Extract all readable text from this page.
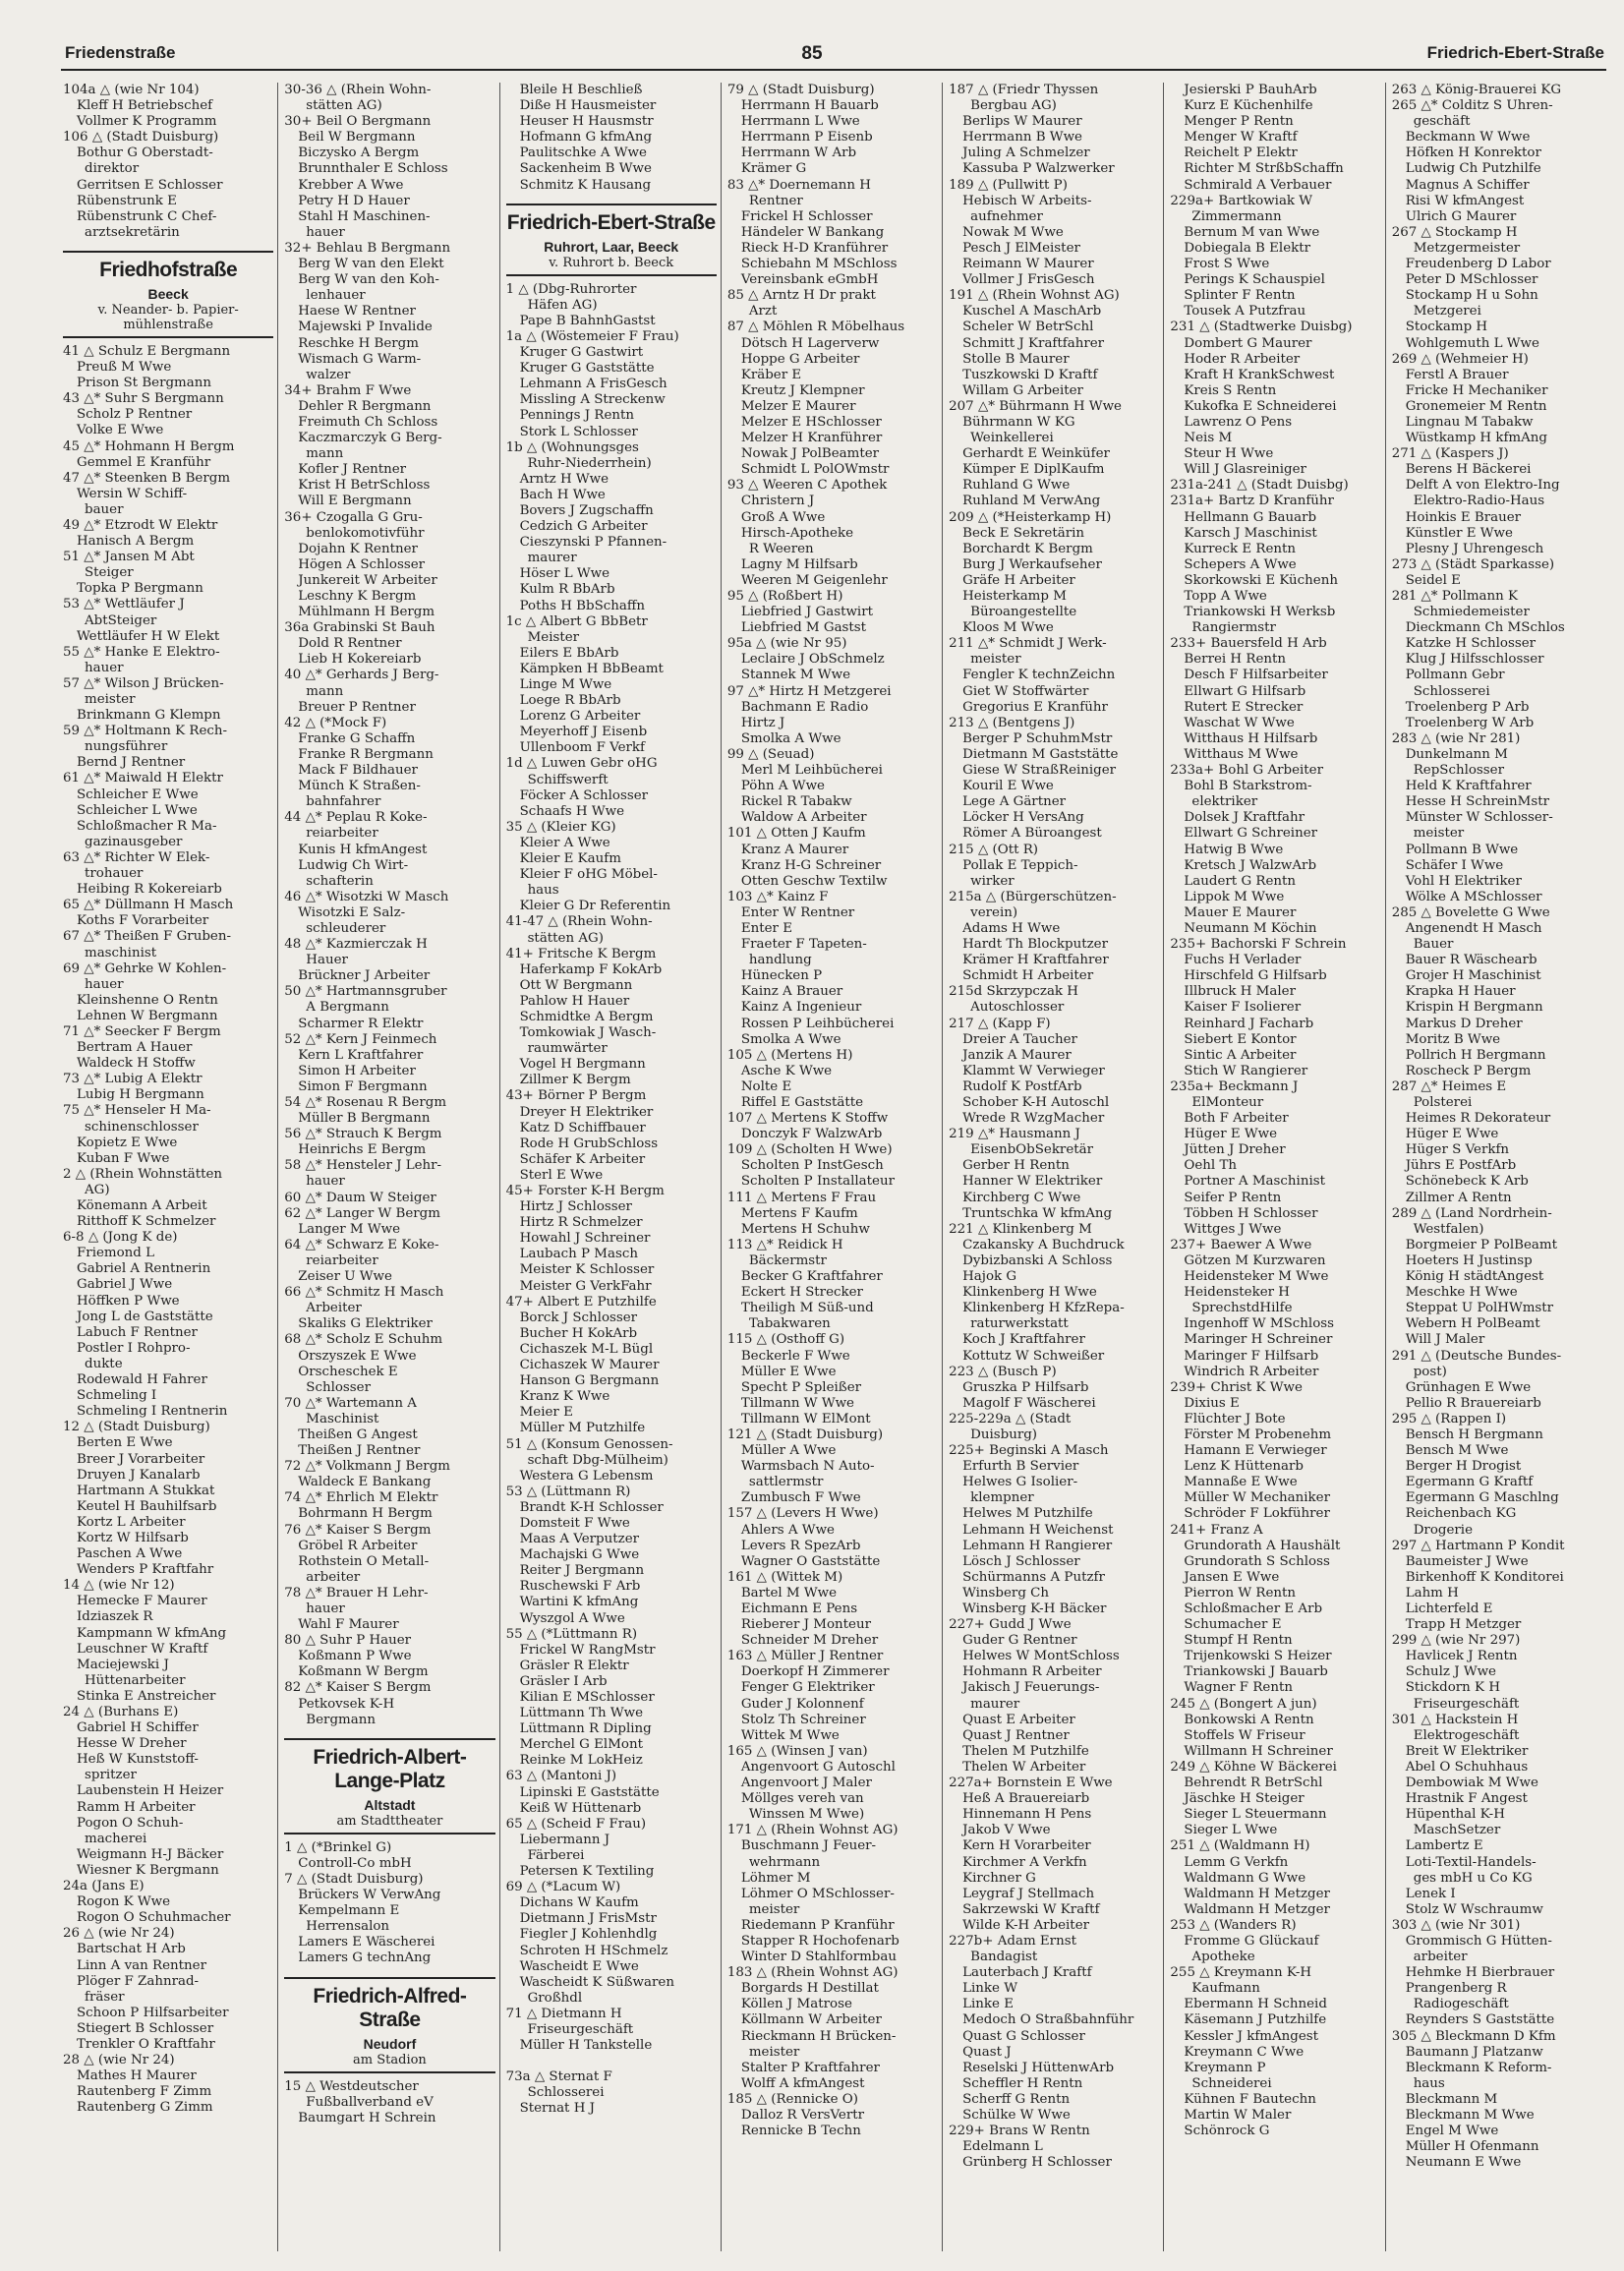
Friedenstraße	85	Friedrich-Ebert-Straße
104a △ (wie Nr 104)
Kleff H Betriebschef
Vollmer K Programm
106 △ (Stadt Duisburg)
Bothur G Oberstadt-
direktor
Gerritsen E Schlosser
Rübenstrunk E
Rübenstrunk C Chef-
arztsekretärin
Friedhofstraße
Beeck
v. Neander- b. Papier-mühlenstraße
41 △ Schulz E Bergmann
Preuß M Wwe
Prison St Bergmann
43 △* Suhr S Bergmann
Scholz P Rentner
Volke E Wwe
45 △* Hohmann H Bergm
Gemmel E Kranführ
47 △* Steenken B Bergm
Wersin W Schiff-
bauer
49 △* Etzrodt W Elektr
Hanisch A Bergm
51 △* Jansen M Abt
Steiger
Topka P Bergmann
53 △* Wettläufer J
AbtSteiger
Wettläufer H W Elekt
55 △* Hanke E Elektro-
hauer
57 △* Wilson J Brücken-
meister
Brinkmann G Klempn
59 △* Holtmann K Rech-
nungsführer
Bernd J Rentner
61 △* Maiwald H Elektr
Schleicher E Wwe
Schleicher L Wwe
Schloßmacher R Ma-
gazinausgeber
63 △* Richter W Elek-
trohauer
Heibing R Kokereiarb
65 △* Düllmann H Masch
Koths F Vorarbeiter
67 △* Theißen F Gruben-
maschinist
69 △* Gehrke W Kohlen-
hauer
Kleinshenne O Rentn
Lehnen W Bergmann
71 △* Seecker F Bergm
Bertram A Hauer
Waldeck H Stoffw
73 △* Lubig A Elektr
Lubig H Bergmann
75 △* Henseler H Ma-
schinenschlosser
Kopietz E Wwe
Kuban F Wwe
2 △ (Rhein Wohnstätten
AG)
Könemann A Arbeit
Ritthoff K Schmelzer
6-8 △ (Jong K de)
Friemond L
Gabriel A Rentnerin
Gabriel J Wwe
Höffken P Wwe
Jong L de Gaststätte
Labuch F Rentner
Postler I Rohpro-
dukte
Rodewald H Fahrer
Schmeling I
Schmeling I Rentnerin
12 △ (Stadt Duisburg)
Berten E Wwe
Breer J Vorarbeiter
Druyen J Kanalarb
Hartmann A Stukkat
Keutel H Bauhilfsarb
Kortz L Arbeiter
Kortz W Hilfsarb
Paschen A Wwe
Wenders P Kraftfahr
14 △ (wie Nr 12)
Hemecke F Maurer
Idziaszek R
Kampmann W kfmAng
Leuschner W Kraftf
Maciejewski J
Hüttenarbeiter
Stinka E Anstreicher
24 △ (Burhans E)
Gabriel H Schiffer
Hesse W Dreher
Heß W Kunststoff-
spritzer
Laubenstein H Heizer
Ramm H Arbeiter
Pogon O Schuh-
macherei
Weigmann H-J Bäcker
Wiesner K Bergmann
24a (Jans E)
Rogon K Wwe
Rogon O Schuhmacher
26 △ (wie Nr 24)
Bartschat H Arb
Linn A van Rentner
Plöger F Zahnrad-
fräser
Schoon P Hilfsarbeiter
Stiegert B Schlosser
Trenkler O Kraftfahr
28 △ (wie Nr 24)
Mathes H Maurer
Rautenberg F Zimm
Rautenberg G Zimm
30-36 △ (Rhein Wohn-
stätten AG)
30+ Beil O Bergmann
Beil W Bergmann
Biczysko A Bergm
Brunnthaler E Schloss
Krebber A Wwe
Petry H D Hauer
Stahl H Maschinen-
hauer
32+ Behlau B Bergmann
Berg W van den Elekt
Berg W van den Koh-
lenhauer
Haese W Rentner
Majewski P Invalide
Reschke H Bergm
Wismach G Warm-
walzer
34+ Brahm F Wwe
Dehler R Bergmann
Freimuth Ch Schloss
Kaczmarczyk G Berg-
mann
Kofler J Rentner
Krist H BetrSchloss
Will E Bergmann
36+ Czogalla G Gru-
benlokomotivführ
Dojahn K Rentner
Högen A Schlosser
Junkereit W Arbeiter
Leschny K Bergm
Mühlmann H Bergm
36a Grabinski St Bauh
Dold R Rentner
Lieb H Kokereiarb
40 △* Gerhards J Berg-
mann
Breuer P Rentner
42 △ (*Mock F)
Franke G Schaffn
Franke R Bergmann
Mack F Bildhauer
Münch K Straßen-
bahnfahrer
44 △* Peplau R Koke-
reiarbeiter
Kunis H kfmAngest
Ludwig Ch Wirt-
schafterin
46 △* Wisotzki W Masch
Wisotzki E Salz-
schleuderer
48 △* Kazmierczak H
Hauer
Brückner J Arbeiter
50 △* Hartmannsgruber
A Bergmann
Scharmer R Elektr
52 △* Kern J Feinmech
Kern L Kraftfahrer
Simon H Arbeiter
Simon F Bergmann
54 △* Rosenau R Bergm
Müller B Bergmann
56 △* Strauch K Bergm
Heinrichs E Bergm
58 △* Hensteler J Lehr-
hauer
60 △* Daum W Steiger
62 △* Langer W Bergm
Langer M Wwe
64 △* Schwarz E Koke-
reiarbeiter
Zeiser U Wwe
66 △* Schmitz H Masch
Arbeiter
Skaliks G Elektriker
68 △* Scholz E Schuhm
Orszyszek E Wwe
Orscheschek E
Schlosser
70 △* Wartemann A
Maschinist
Theißen G Angest
Theißen J Rentner
72 △* Volkmann J Bergm
Waldeck E Bankang
74 △* Ehrlich M Elektr
Bohrmann H Bergm
76 △* Kaiser S Bergm
Gröbel R Arbeiter
Rothstein O Metall-
arbeiter
78 △* Brauer H Lehr-
hauer
Wahl F Maurer
80 △ Suhr P Hauer
Koßmann P Wwe
Koßmann W Bergm
82 △* Kaiser S Bergm
Petkovsek K-H
Bergmann
Friedrich-Albert-Lange-Platz
Altstadt
am Stadttheater
1 △ (*Brinkel G)
Controll-Co mbH
7 △ (Stadt Duisburg)
Brückers W VerwAng
Kempelmann E
Herrensalon
Lamers E Wäscherei
Lamers G technAng
Friedrich-Alfred-Straße
Neudorf
am Stadion
15 △ Westdeutscher
Fußballverband eV
Baumgart H Schrein
Bleile H Beschließ
Diße H Hausmeister
Heuser H Hausmstr
Hofmann G kfmAng
Paulitschke A Wwe
Sackenheim B Wwe
Schmitz K Hausang
Friedrich-Ebert-Straße
Ruhrort, Laar, Beeck
v. Ruhrort b. Beeck
1 △ (Dbg-Ruhrorter
Häfen AG)
Pape B BahnhGastst
1a △ (Wöstemeier F Frau)
Kruger G Gastwirt
Kruger G Gaststätte
Lehmann A FrisGesch
Missling A Streckenw
Pennings J Rentn
Stork L Schlosser
1b △ (Wohnungsges
Ruhr-Niederrhein)
Arntz H Wwe
Bach H Wwe
Bovers J Zugschaffn
Cedzich G Arbeiter
Cieszynski P Pfannen-
maurer
Höser L Wwe
Kulm R BbArb
Poths H BbSchaffn
1c △ Albert G BbBetr
Meister
Eilers E BbArb
Kämpken H BbBeamt
Linge M Wwe
Loege R BbArb
Lorenz G Arbeiter
Meyerhoff J Eisenb
Ullenboom F Verkf
1d △ Luwen Gebr oHG
Schiffswerft
Föcker A Schlosser
Schaafs H Wwe
35 △ (Kleier KG)
Kleier A Wwe
Kleier E Kaufm
Kleier F oHG Möbel-
haus
Kleier G Dr Referentin
41-47 △ (Rhein Wohn-
stätten AG)
41+ Fritsche K Bergm
Haferkamp F KokArb
Ott W Bergmann
Pahlow H Hauer
Schmidtke A Bergm
Tomkowiak J Wasch-
raumwärter
Vogel H Bergmann
Zillmer K Bergm
43+ Börner P Bergm
Dreyer H Elektriker
Katz D Schiffbauer
Rode H GrubSchloss
Schäfer K Arbeiter
Sterl E Wwe
45+ Forster K-H Bergm
Hirtz J Schlosser
Hirtz R Schmelzer
Howahl J Schreiner
Laubach P Masch
Meister K Schlosser
Meister G VerkFahr
47+ Albert E Putzhilfe
Borck J Schlosser
Bucher H KokArb
Cichaszek M-L Bügl
Cichaszek W Maurer
Hanson G Bergmann
Kranz K Wwe
Meier E
Müller M Putzhilfe
51 △ (Konsum Genossen-
schaft Dbg-Mülheim)
Westera G Lebensm
53 △ (Lüttmann R)
Brandt K-H Schlosser
Domsteit F Wwe
Maas A Verputzer
Machajski G Wwe
Reiter J Bergmann
Ruschewski F Arb
Wartini K kfmAng
Wyszgol A Wwe
55 △ (*Lüttmann R)
Frickel W RangMstr
Gräsler R Elektr
Gräsler I Arb
Kilian E MSchlosser
Lüttmann Th Wwe
Lüttmann R Dipling
Merchel G ElMont
Reinke M LokHeiz
63 △ (Mantoni J)
Lipinski E Gaststätte
Keiß W Hüttenarb
65 △ (Scheid F Frau)
Liebermann J
Färberei
Petersen K Textiling
69 △ (*Lacum W)
Dichans W Kaufm
Dietmann J FrisMstr
Fiegler J Kohlenhdlg
Schroten H HSchmelz
Wascheidt E Wwe
Wascheidt K Süßwaren
Großhdl
71 △ Dietmann H
Friseurgeschäft
Müller H Tankstelle

73a △ Sternat F
Schlosserei
Sternat H J
79 △ (Stadt Duisburg)
Herrmann H Bauarb
Herrmann L Wwe
Herrmann P Eisenb
Herrmann W Arb
Krämer G
83 △* Doernemann H
Rentner
Frickel H Schlosser
Händeler W Bankang
Rieck H-D Kranführer
Schiebahn M MSchloss
Vereinsbank eGmbH
85 △ Arntz H Dr prakt
Arzt
87 △ Möhlen R Möbelhaus
Dötsch H Lagerverw
Hoppe G Arbeiter
Kräber E
Kreutz J Klempner
Melzer E Maurer
Melzer E HSchlosser
Melzer H Kranführer
Nowak J PolBeamter
Schmidt L PolOWmstr
93 △ Weeren C Apothek
Christern J
Groß A Wwe
Hirsch-Apotheke
R Weeren
Lagny M Hilfsarb
Weeren M Geigenlehr
95 △ (Roßbert H)
Liebfried J Gastwirt
Liebfried M Gastst
95a △ (wie Nr 95)
Leclaire J ObSchmelz
Stannek M Wwe
97 △* Hirtz H Metzgerei
Bachmann E Radio
Hirtz J
Smolka A Wwe
99 △ (Seuad)
Merl M Leihbücherei
Pöhn A Wwe
Rickel R Tabakw
Waldow A Arbeiter
101 △ Otten J Kaufm
Kranz A Maurer
Kranz H-G Schreiner
Otten Geschw Textilw
103 △* Kainz F
Enter W Rentner
Enter E
Fraeter F Tapeten-
handlung
Hünecken P
Kainz A Brauer
Kainz A Ingenieur
Rossen P Leihbücherei
Smolka A Wwe
105 △ (Mertens H)
Asche K Wwe
Nolte E
Riffel E Gaststätte
107 △ Mertens K Stoffw
Donczyk F WalzwArb
109 △ (Scholten H Wwe)
Scholten P InstGesch
Scholten P Installateur
111 △ Mertens F Frau
Mertens F Kaufm
Mertens H Schuhw
113 △* Reidick H
Bäckermstr
Becker G Kraftfahrer
Eckert H Strecker
Theiligh M Süß-und
Tabakwaren
115 △ (Osthoff G)
Beckerle F Wwe
Müller E Wwe
Specht P Spleißer
Tillmann W Wwe
Tillmann W ElMont
121 △ (Stadt Duisburg)
Müller A Wwe
Warmsbach N Auto-
sattlermstr
Zumbusch F Wwe
157 △ (Levers H Wwe)
Ahlers A Wwe
Levers R SpezArb
Wagner O Gaststätte
161 △ (Wittek M)
Bartel M Wwe
Eichmann E Pens
Rieberer J Monteur
Schneider M Dreher
163 △ Müller J Rentner
Doerkopf H Zimmerer
Fenger G Elektriker
Guder J Kolonnenf
Stolz Th Schreiner
Wittek M Wwe
165 △ (Winsen J van)
Angenvoort G Autoschl
Angenvoort J Maler
Möllges vereh van
Winssen M Wwe)
171 △ (Rhein Wohnst AG)
Buschmann J Feuer-
wehrmann
Löhmer M
Löhmer O MSchlosser-
meister
Riedemann P Kranführ
Stapper R Hochofenarb
Winter D Stahlformbau
183 △ (Rhein Wohnst AG)
Borgards H Destillat
Köllen J Matrose
Köllmann W Arbeiter
Rieckmann H Brücken-
meister
Stalter P Kraftfahrer
Wolff A kfmAngest
185 △ (Rennicke O)
Dalloz R VersVertr
Rennicke B Techn
187 △ (Friedr Thyssen
Bergbau AG)
Berlips W Maurer
Herrmann B Wwe
Juling A Schmelzer
Kassuba P Walzwerker
189 △ (Pullwitt P)
Hebisch W Arbeits-
aufnehmer
Nowak M Wwe
Pesch J ElMeister
Reimann W Maurer
Vollmer J FrisGesch
191 △ (Rhein Wohnst AG)
Kuschel A MaschArb
Scheler W BetrSchl
Schmitt J Kraftfahrer
Stolle B Maurer
Tuszkowski D Kraftf
Willam G Arbeiter
207 △* Bührmann H Wwe
Bührmann W KG
Weinkellerei
Gerhardt E Weinküfer
Kümper E DiplKaufm
Ruhland G Wwe
Ruhland M VerwAng
209 △ (*Heisterkamp H)
Beck E Sekretärin
Borchardt K Bergm
Burg J Werkaufseher
Gräfe H Arbeiter
Heisterkamp M
Büroangestellte
Kloos M Wwe
211 △* Schmidt J Werk-
meister
Fengler K technZeichn
Giet W Stoffwärter
Gregorius E Kranführ
213 △ (Bentgens J)
Berger P SchuhmMstr
Dietmann M Gaststätte
Giese W StraßReiniger
Kouril E Wwe
Lege A Gärtner
Löcker H VersAng
Römer A Büroangest
215 △ (Ott R)
Pollak E Teppich-
wirker
215a △ (Bürgerschützen-
verein)
Adams H Wwe
Hardt Th Blockputzer
Krämer H Kraftfahrer
Schmidt H Arbeiter
215d Skrzypczak H
Autoschlosser
217 △ (Kapp F)
Dreier A Taucher
Janzik A Maurer
Klammt W Verwieger
Rudolf K PostfArb
Schober K-H Autoschl
Wrede R WzgMacher
219 △* Hausmann J
EisenbObSekretär
Gerber H Rentn
Hanner W Elektriker
Kirchberg C Wwe
Truntschka W kfmAng
221 △ Klinkenberg M
Czakansky A Buchdruck
Dybizbanski A Schloss
Hajok G
Klinkenberg H Wwe
Klinkenberg H KfzRepa-
raturwerkstatt
Koch J Kraftfahrer
Kottutz W Schweißer
223 △ (Busch P)
Gruszka P Hilfsarb
Magolf F Wäscherei
225-229a △ (Stadt
Duisburg)
225+ Beginski A Masch
Erfurth B Servier
Helwes G Isolier-
klempner
Helwes M Putzhilfe
Lehmann H Weichenst
Lehmann H Rangierer
Lösch J Schlosser
Schürmanns A Putzfr
Winsberg Ch
Winsberg K-H Bäcker
227+ Gudd J Wwe
Guder G Rentner
Helwes W MontSchloss
Hohmann R Arbeiter
Jakisch J Feuerungs-
maurer
Quast E Arbeiter
Quast J Rentner
Thelen M Putzhilfe
Thelen W Arbeiter
227a+ Bornstein E Wwe
Heß A Brauereiarb
Hinnemann H Pens
Jakob V Wwe
Kern H Vorarbeiter
Kirchmer A Verkfn
Kirchner G
Leygraf J Stellmach
Sakrzewski W Kraftf
Wilde K-H Arbeiter
227b+ Adam Ernst
Bandagist
Lauterbach J Kraftf
Linke W
Linke E
Medoch O Straßbahnführ
Quast G Schlosser
Quast J
Reselski J HüttenwArb
Scheffler H Rentn
Scherff G Rentn
Schülke W Wwe
229+ Brans W Rentn
Edelmann L
Grünberg H Schlosser
Jesierski P BauhArb
Kurz E Küchenhilfe
Menger P Rentn
Menger W Kraftf
Reichelt P Elektr
Richter M StrßbSchaffn
Schmirald A Verbauer
229a+ Bartkowiak W
Zimmermann
Bernum M van Wwe
Dobiegala B Elektr
Frost S Wwe
Perings K Schauspiel
Splinter F Rentn
Tousek A Putzfrau
231 △ (Stadtwerke Duisbg)
Dombert G Maurer
Hoder R Arbeiter
Kraft H KrankSchwest
Kreis S Rentn
Kukofka E Schneiderei
Lawrenz O Pens
Neis M
Steur H Wwe
Will J Glasreiniger
231a-241 △ (Stadt Duisbg)
231a+ Bartz D Kranführ
Hellmann G Bauarb
Karsch J Maschinist
Kurreck E Rentn
Schepers A Wwe
Skorkowski E Küchenh
Topp A Wwe
Triankowski H Werksb
Rangiermstr
233+ Bauersfeld H Arb
Berrei H Rentn
Desch F Hilfsarbeiter
Ellwart G Hilfsarb
Rutert E Strecker
Waschat W Wwe
Witthaus H Hilfsarb
Witthaus M Wwe
233a+ Bohl G Arbeiter
Bohl B Starkstrom-
elektriker
Dolsek J Kraftfahr
Ellwart G Schreiner
Hatwig B Wwe
Kretsch J WalzwArb
Laudert G Rentn
Lippok M Wwe
Mauer E Maurer
Neumann M Köchin
235+ Bachorski F Schrein
Fuchs H Verlader
Hirschfeld G Hilfsarb
Illbruck H Maler
Kaiser F Isolierer
Reinhard J Facharb
Siebert E Kontor
Sintic A Arbeiter
Stich W Rangierer
235a+ Beckmann J
ElMonteur
Both F Arbeiter
Hüger E Wwe
Jütten J Dreher
Oehl Th
Portner A Maschinist
Seifer P Rentn
Többen H Schlosser
Wittges J Wwe
237+ Baewer A Wwe
Götzen M Kurzwaren
Heidensteker M Wwe
Heidensteker H
SprechstdHilfe
Ingenhoff W MSchloss
Maringer H Schreiner
Maringer F Hilfsarb
Windrich R Arbeiter
239+ Christ K Wwe
Dixius E
Flüchter J Bote
Förster M Probenehm
Hamann E Verwieger
Lenz K Hüttenarb
Mannaße E Wwe
Müller W Mechaniker
Schröder F Lokführer
241+ Franz A
Grundorath A Haushält
Grundorath S Schloss
Jansen E Wwe
Pierron W Rentn
Schloßmacher E Arb
Schumacher E
Stumpf H Rentn
Trijenkowski S Heizer
Triankowski J Bauarb
Wagner F Rentn
245 △ (Bongert A jun)
Bonkowski A Rentn
Stoffels W Friseur
Willmann H Schreiner
249 △ Köhne W Bäckerei
Behrendt R BetrSchl
Jäschke H Steiger
Sieger L Steuermann
Sieger L Wwe
251 △ (Waldmann H)
Lemm G Verkfn
Waldmann G Wwe
Waldmann H Metzger
Waldmann H Metzger
253 △ (Wanders R)
Fromme G Glückauf
Apotheke
255 △ Kreymann K-H
Kaufmann
Ebermann H Schneid
Käsemann J Putzhilfe
Kessler J kfmAngest
Kreymann C Wwe
Kreymann P
Schneiderei
Kühnen F Bautechn
Martin W Maler
Schönrock G
263 △ König-Brauerei KG
265 △* Colditz S Uhren-
geschäft
Beckmann W Wwe
Höfken H Konrektor
Ludwig Ch Putzhilfe
Magnus A Schiffer
Risi W kfmAngest
Ulrich G Maurer
267 △ Stockamp H
Metzgermeister
Freudenberg D Labor
Peter D MSchlosser
Stockamp H u Sohn
Metzgerei
Stockamp H
Wohlgemuth L Wwe
269 △ (Wehmeier H)
Ferstl A Brauer
Fricke H Mechaniker
Gronemeier M Rentn
Lingnau M Tabakw
Wüstkamp H kfmAng
271 △ (Kaspers J)
Berens H Bäckerei
Delft A von Elektro-Ing
Elektro-Radio-Haus
Hoinkis E Brauer
Künstler E Wwe
Plesny J Uhrengesch
273 △ (Städt Sparkasse)
Seidel E
281 △* Pollmann K
Schmiedemeister
Dieckmann Ch MSchlos
Katzke H Schlosser
Klug J Hilfsschlosser
Pollmann Gebr
Schlosserei
Troelenberg P Arb
Troelenberg W Arb
283 △ (wie Nr 281)
Dunkelmann M
RepSchlosser
Held K Kraftfahrer
Hesse H SchreinMstr
Münster W Schlosser-
meister
Pollmann B Wwe
Schäfer I Wwe
Vohl H Elektriker
Wölke A MSchlosser
285 △ Bovelette G Wwe
Angenendt H Masch
Bauer
Bauer R Wäschearb
Grojer H Maschinist
Krapka H Hauer
Krispin H Bergmann
Markus D Dreher
Moritz B Wwe
Pollrich H Bergmann
Roscheck P Bergm
287 △* Heimes E
Polsterei
Heimes R Dekorateur
Hüger E Wwe
Hüger S Verkfn
Jührs E PostfArb
Schönebeck K Arb
Zillmer A Rentn
289 △ (Land Nordrhein-
Westfalen)
Borgmeier P PolBeamt
Hoeters H Justinsp
König H städtAngest
Meschke H Wwe
Steppat U PolHWmstr
Webern H PolBeamt
Will J Maler
291 △ (Deutsche Bundes-
post)
Grünhagen E Wwe
Pellio R Brauereiarb
295 △ (Rappen I)
Bensch H Bergmann
Bensch M Wwe
Berger H Drogist
Egermann G Kraftf
Egermann G Maschlng
Reichenbach KG
Drogerie
297 △ Hartmann P Kondit
Baumeister J Wwe
Birkenhoff K Konditorei
Lahm H
Lichterfeld E
Trapp H Metzger
299 △ (wie Nr 297)
Havlicek J Rentn
Schulz J Wwe
Stickdorn K H
Friseurgeschäft
301 △ Hackstein H
Elektrogeschäft
Breit W Elektriker
Abel O Schuhhaus
Dembowiak M Wwe
Hrastnik F Angest
Hüpenthal K-H
MaschSetzer
Lambertz E
Loti-Textil-Handels-
ges mbH u Co KG
Lenek I
Stolz W Wschraumw
303 △ (wie Nr 301)
Grommisch G Hütten-
arbeiter
Hehmke H Bierbrauer
Prangenberg R
Radiogeschäft
Reynders S Gaststätte
305 △ Bleckmann D Kfm
Baumann J Platzanw
Bleckmann K Reform-
haus
Bleckmann M
Bleckmann M Wwe
Engel M Wwe
Müller H Ofenmann
Neumann E Wwe
